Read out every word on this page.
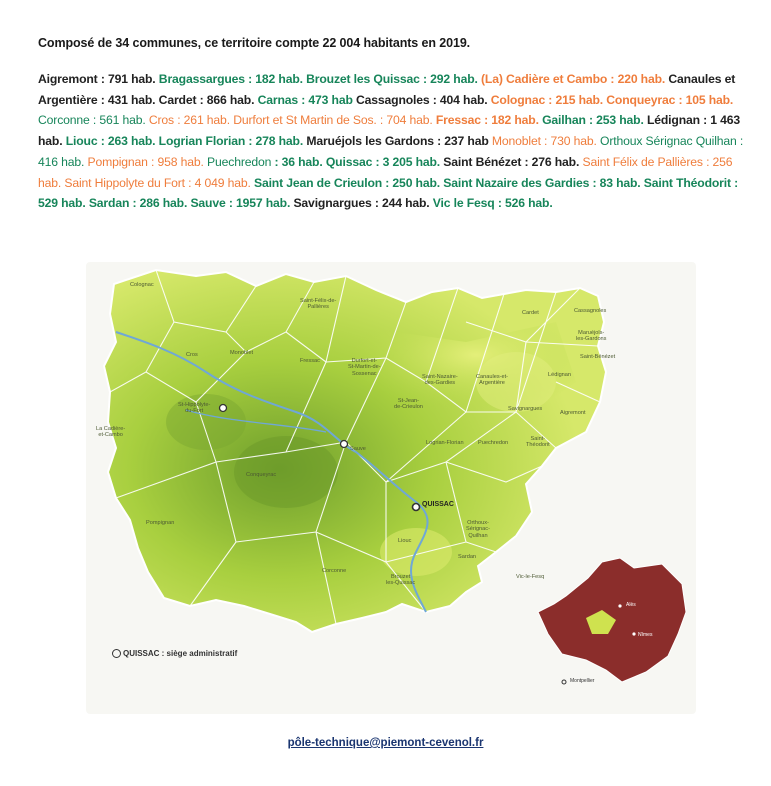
Composé de 34 communes, ce territoire compte 22 004 habitants en 2019.
Aigremont : 791 hab. Bragassargues : 182 hab. Brouzet les Quissac : 292 hab. (La) Cadière et Cambo : 220 hab. Canaules et Argentière : 431 hab. Cardet : 866 hab. Carnas : 473 hab Cassagnoles : 404 hab. Colognac : 215 hab. Conqueyrac : 105 hab. Corconne : 561 hab. Cros : 261 hab. Durfort et St Martin de Sos. : 704 hab. Fressac : 182 hab. Gailhan : 253 hab. Lédignan : 1 463 hab. Liouc : 263 hab. Logrian Florian : 278 hab. Maruéjols les Gardons : 237 hab Monoblet : 730 hab. Orthoux Sérignac Quilhan : 416 hab. Pompignan : 958 hab. Puechredon : 36 hab. Quissac : 3 205 hab. Saint Bénézet : 276 hab. Saint Félix de Pallières : 256 hab. Saint Hippolyte du Fort : 4 049 hab. Saint Jean de Crieulon : 250 hab. Saint Nazaire des Gardies : 83 hab. Saint Théodorit : 529 hab. Sardan : 286 hab. Sauve : 1957 hab. Savignargues : 244 hab. Vic le Fesq : 526 hab.
Colognac
Saint-Félix-de-
Pallières
Cros	Monoblet
Fressac	Durfort-et-
St-Martin-de-
Sossenac
St-Hippolyte-
du-Fort
La Cadière-
et-Cambo
Sauve
Conqueyrac
Pompignan
QUISSAC
Liouc
Corconne
Brouzet
les-Quissac
Sardan
Vic-le-Fesq
Orthoux-
Sérignac-
Quilhan
Logrian-Florian	Puechredon
Saint-
Théodorit
Saint-Nazaire-
des-Gardies
St-Jean-
de-Crieulon
Canaules-et-
Argentière
Savignargues
Aigremont
Lédignan
Cardet	Cassagnoles
Maruéjols-
les-Gardons
Saint-Bénézet
Alès
Nîmes
Montpellier
QUISSAC : siège administratif
pôle-technique@piemont-cevenol.fr
